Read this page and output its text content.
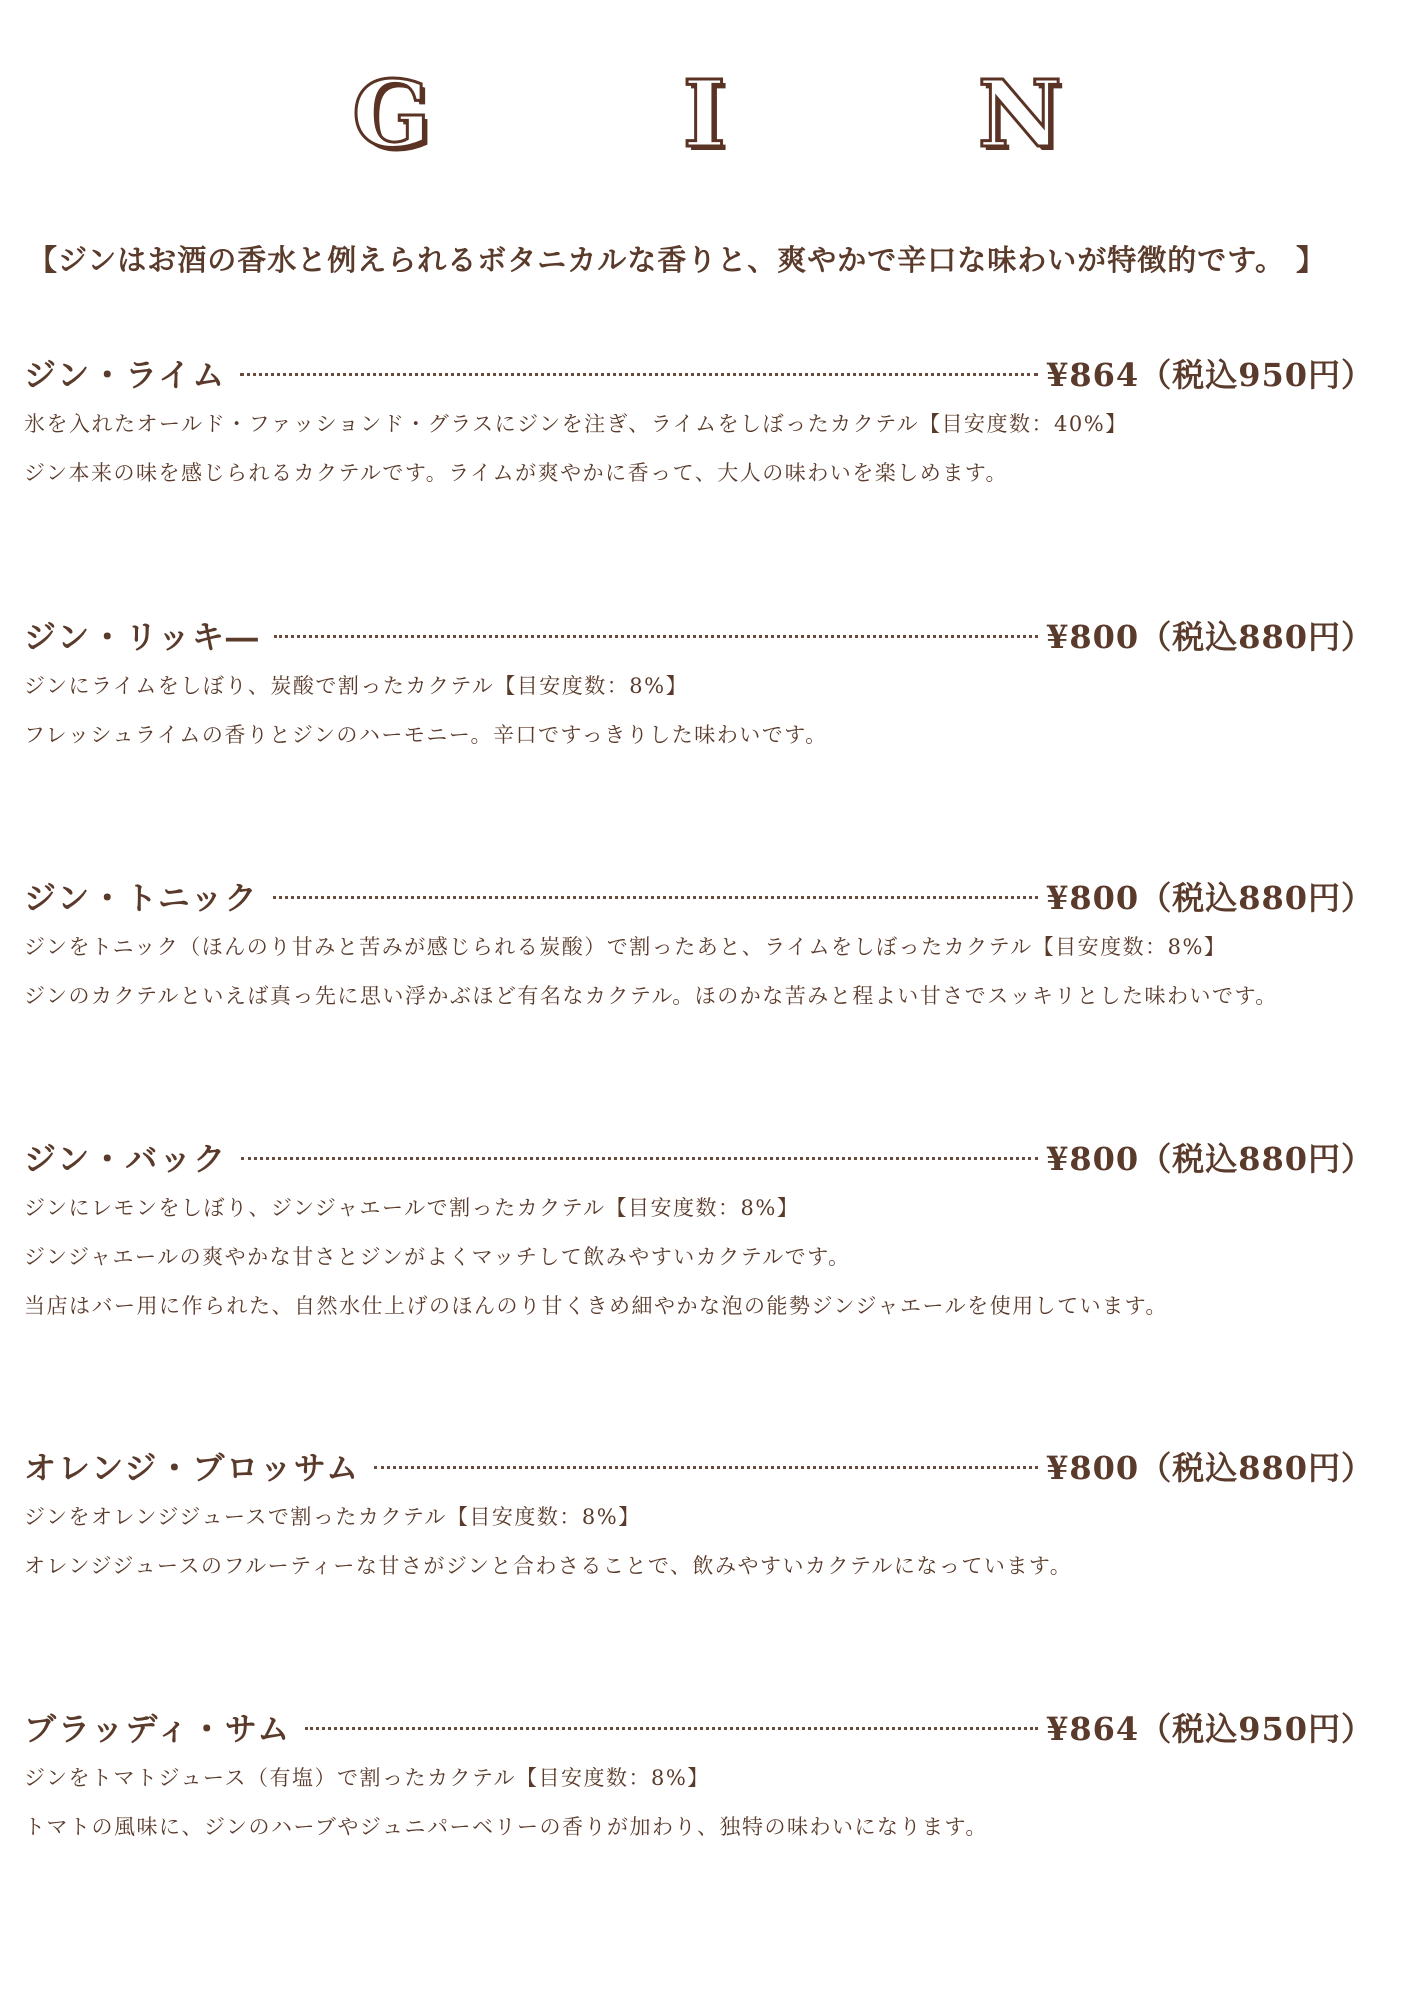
G I N
【ジンはお酒の香水と例えられるボタニカルな香りと、爽やかで辛口な味わいが特徴的です。 】
ジン・ライム	¥864（税込950円）
氷を入れたオールド・ファッションド・グラスにジンを注ぎ、ライムをしぼったカクテル【目安度数：40%】
ジン本来の味を感じられるカクテルです。ライムが爽やかに香って、大人の味わいを楽しめます。
ジン・リッキ―	¥800（税込880円）
ジンにライムをしぼり、炭酸で割ったカクテル【目安度数：8%】
フレッシュライムの香りとジンのハーモニー。辛口ですっきりした味わいです。
ジン・トニック	¥800（税込880円）
ジンをトニック（ほんのり甘みと苦みが感じられる炭酸）で割ったあと、ライムをしぼったカクテル【目安度数：8%】
ジンのカクテルといえば真っ先に思い浮かぶほど有名なカクテル。ほのかな苦みと程よい甘さでスッキリとした味わいです。
ジン・バック	¥800（税込880円）
ジンにレモンをしぼり、ジンジャエールで割ったカクテル【目安度数：8%】
ジンジャエールの爽やかな甘さとジンがよくマッチして飲みやすいカクテルです。
当店はバー用に作られた、自然水仕上げのほんのり甘くきめ細やかな泡の能勢ジンジャエールを使用しています。
オレンジ・ブロッサム	¥800（税込880円）
ジンをオレンジジュースで割ったカクテル【目安度数：8%】
オレンジジュースのフルーティーな甘さがジンと合わさることで、飲みやすいカクテルになっています。
ブラッディ・サム	¥864（税込950円）
ジンをトマトジュース（有塩）で割ったカクテル【目安度数：8%】
トマトの風味に、ジンのハーブやジュニパーベリーの香りが加わり、独特の味わいになります。
